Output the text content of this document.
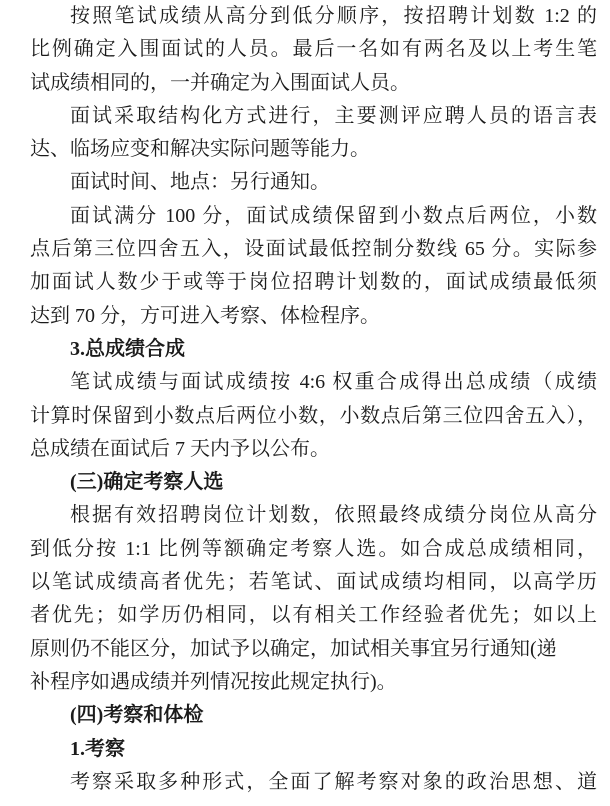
按照笔试成绩从高分到低分顺序，按招聘计划数 1:2 的
比例确定入围面试的人员。最后一名如有两名及以上考生笔
试成绩相同的，一并确定为入围面试人员。
面试采取结构化方式进行，主要测评应聘人员的语言表
达、临场应变和解决实际问题等能力。
面试时间、地点：另行通知。
面试满分 100 分，面试成绩保留到小数点后两位，小数
点后第三位四舍五入，设面试最低控制分数线 65 分。实际参
加面试人数少于或等于岗位招聘计划数的，面试成绩最低须
达到 70 分，方可进入考察、体检程序。
3.总成绩合成
笔试成绩与面试成绩按 4:6 权重合成得出总成绩（成绩
计算时保留到小数点后两位小数，小数点后第三位四舍五入），
总成绩在面试后 7 天内予以公布。
(三)确定考察人选
根据有效招聘岗位计划数，依照最终成绩分岗位从高分
到低分按 1:1 比例等额确定考察人选。如合成总成绩相同，
以笔试成绩高者优先；若笔试、面试成绩均相同，以高学历
者优先；如学历仍相同，以有相关工作经验者优先；如以上
原则仍不能区分，加试予以确定，加试相关事宜另行通知(递
补程序如遇成绩并列情况按此规定执行)。
(四)考察和体检
1.考察
考察采取多种形式，全面了解考察对象的政治思想、道
